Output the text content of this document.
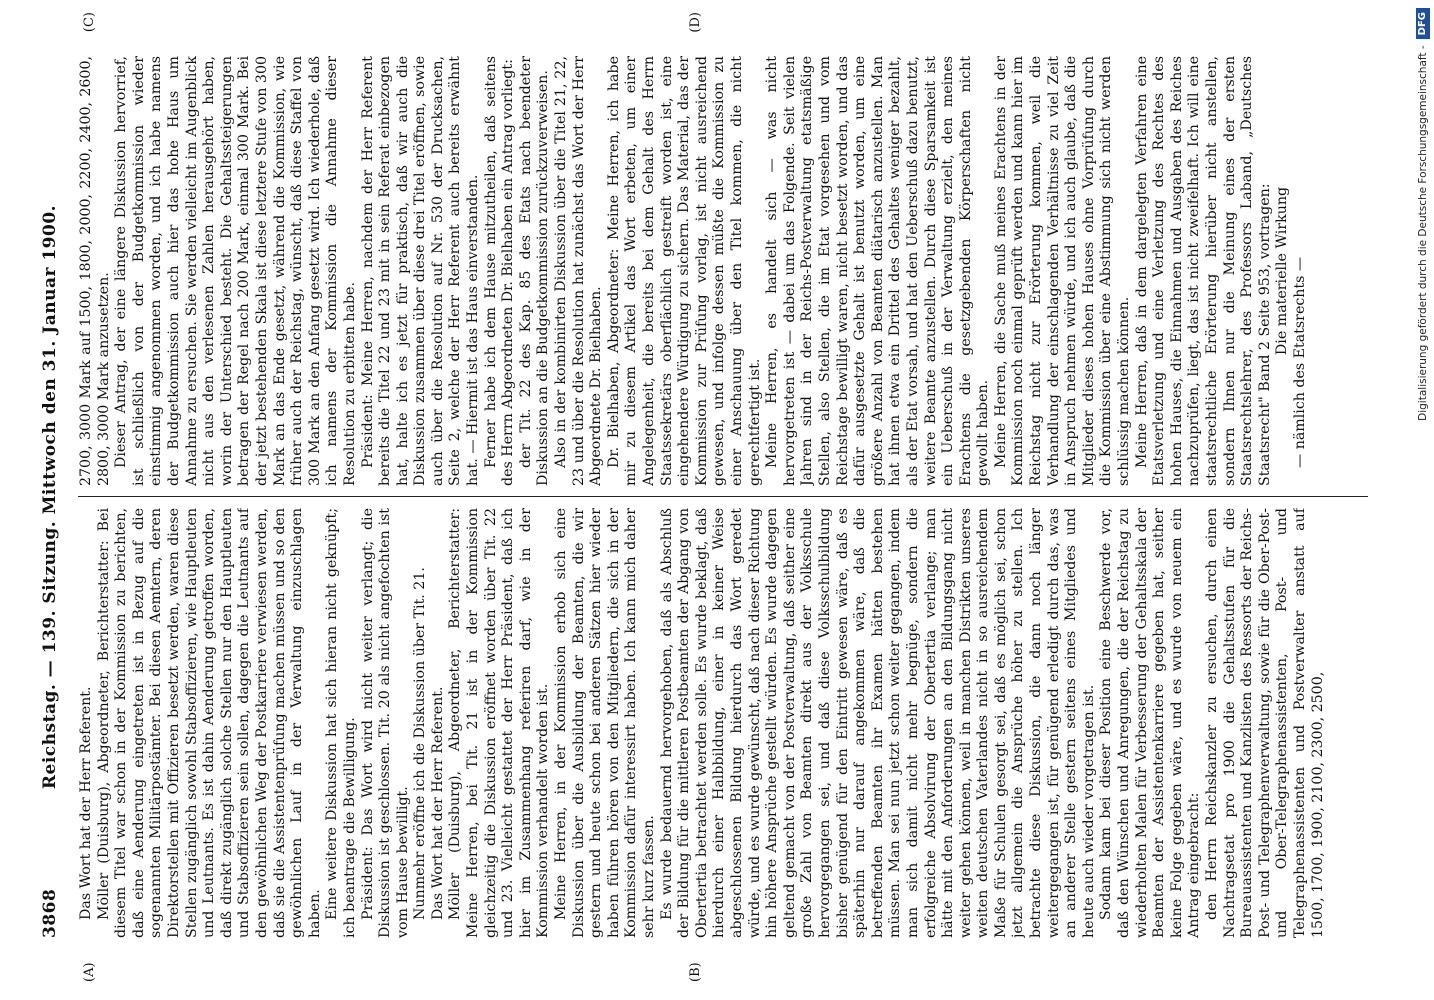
3868
Reichstag. — 139. Sitzung. Mittwoch den 31. Januar 1900.
(A)	(B)
(C)	(D)

Das Wort hat der Herr Referent. Möller (Duisburg), Abgeordneter, Berichterstatter: Bei diesem Titel war schon in der Kommission zu berichten, daß eine Aenderung eingetreten ist in Bezug auf die sogenannten Militärpostämter. Bei diesen Aemtern, deren Direktorstellen mit Offizieren besetzt werden, waren diese Stellen zugänglich sowohl Stabsoffizieren, wie Hauptleuten und Leutnants. Es ist dahin Aenderung getroffen worden, daß direkt zugänglich solche Stellen nur den Hauptleuten und Stabsoffizieren sein sollen, dagegen die Leutnants auf den gewöhnlichen Weg der Postkarriere verwiesen werden, daß sie die Assistentenprüfung machen müssen und so den gewöhnlichen Lauf in der Verwaltung einzuschlagen haben. Eine weitere Diskussion hat sich hieran nicht geknüpft; ich beantrage die Bewilligung. Präsident: Das Wort wird nicht weiter verlangt; die Diskussion ist geschlossen. Tit. 20 als nicht angefochten ist vom Hause bewilligt. Nunmehr eröffne ich die Diskussion über Tit. 21. Das Wort hat der Herr Referent. Möller (Duisburg), Abgeordneter, Berichterstatter: Meine Herren, bei Tit. 21 ist in der Kommission gleichzeitig die Diskussion eröffnet worden über Tit. 22 und 23. Vielleicht gestattet der Herr Präsident, daß ich hier im Zusammenhang referiren darf, wie in der Kommission verhandelt worden ist. Meine Herren, in der Kommission erhob sich eine Diskussion über die Ausbildung der Beamten, die wir gestern und heute schon bei anderen Sätzen hier wieder haben führen hören von den Mitgliedern, die sich in der Kommission dafür interessirt haben. Ich kann mich daher sehr kurz fassen. Es wurde bedauernd hervorgehoben, daß als Abschluß der Bildung für die mittleren Postbeamten der Abgang von Obertertia betrachtet werden solle. Es wurde beklagt, daß hierdurch einer Halbbildung, einer in keiner Weise abgeschlossenen Bildung hierdurch das Wort geredet würde, und es wurde gewünscht, daß nach dieser Richtung hin höhere Ansprüche gestellt würden. Es wurde dagegen geltend gemacht von der Postverwaltung, daß seither eine große Zahl von Beamten direkt aus der Volksschule hervorgegangen sei, und daß diese Volksschulbildung bisher genügend für den Eintritt gewesen wäre, daß es späterhin nur darauf angekommen wäre, daß die betreffenden Beamten ihr Examen hätten bestehen müssen. Man sei nun jetzt schon weiter gegangen, indem man sich damit nicht mehr begnüge, sondern die erfolgreiche Absolvirung der Obertertia verlange; man hätte mit den Anforderungen an den Bildungsgang nicht weiter gehen können, weil in manchen Distrikten unseres weiten deutschen Vaterlandes nicht in so ausreichendem Maße für Schulen gesorgt sei, daß es möglich sei, schon jetzt allgemein die Ansprüche höher zu stellen. Ich betrachte diese Diskussion, die dann noch länger weitergegangen ist, für genügend erledigt durch das, was an anderer Stelle gestern seitens eines Mitgliedes und heute auch wieder vorgetragen ist. Sodann kam bei dieser Position eine Beschwerde vor, daß den Wünschen und Anregungen, die der Reichstag zu wiederholten Malen für Verbesserung der Gehaltsskala der Beamten der Assistentenkarriere gegeben hat, seither keine Folge gegeben wäre, und es wurde von neuem ein Antrag eingebracht: den Herrn Reichskanzler zu ersuchen, durch einen Nachtragsetat pro 1900 die Gehaltsstufen für die Bureauassistenten und Kanzlisten des Ressorts der Reichs-Post- und Telegraphenverwaltung, sowie für die Ober-Post- und Ober-Telegraphenassistenten, Post- und Telegraphenassistenten und Postverwalter anstatt auf 1500, 1700, 1900, 2100, 2300, 2500,

2700, 3000 Mark auf 1500, 1800, 2000, 2200, 2400, 2600, 2800, 3000 Mark anzusetzen. Dieser Antrag, der eine längere Diskussion hervorrief, ist schließlich von der Budgetkommission wieder einstimmig angenommen worden, und ich habe namens der Budgetkommission auch hier das hohe Haus um Annahme zu ersuchen. Sie werden vielleicht im Augenblick nicht aus den verlesenen Zahlen herausgehört haben, worin der Unterschied besteht. Die Gehaltssteigerungen betragen der Regel nach 200 Mark, einmal 300 Mark. Bei der jetzt bestehenden Skala ist diese letztere Stufe von 300 Mark an das Ende gesetzt, während die Kommission, wie früher auch der Reichstag, wünscht, daß diese Staffel von 300 Mark an den Anfang gesetzt wird. Ich wiederhole, daß ich namens der Kommission die Annahme dieser Resolution zu erbitten habe. Präsident: Meine Herren, nachdem der Herr Referent bereits die Titel 22 und 23 mit in sein Referat einbezogen hat, halte ich es jetzt für praktisch, daß wir auch die Diskussion zusammen über diese drei Titel eröffnen, sowie auch über die Resolution auf Nr. 530 der Drucksachen, Seite 2, welche der Herr Referent auch bereits erwähnt hat. — Hiermit ist das Haus einverstanden. Ferner habe ich dem Hause mitzutheilen, daß seitens des Herrn Abgeordneten Dr. Bielhaben ein Antrag vorliegt: der Tit. 22 des Kap. 85 des Etats nach beendeter Diskussion an die Budgetkommission zurückzuverweisen. Also in der kombinirten Diskussion über die Titel 21, 22, 23 und über die Resolution hat zunächst das Wort der Herr Abgeordnete Dr. Bielhaben. Dr. Bielhaben, Abgeordneter: Meine Herren, ich habe mir zu diesem Artikel das Wort erbeten, um einer Angelegenheit, die bereits bei dem Gehalt des Herrn Staatssekretärs oberflächlich gestreift worden ist, eine eingehendere Würdigung zu sichern. Das Material, das der Kommission zur Prüfung vorlag, ist nicht ausreichend gewesen, und infolge dessen müßte die Kommission zu einer Anschauung über den Titel kommen, die nicht gerechtfertigt ist. Meine Herren, es handelt sich — was nicht hervorgetreten ist — dabei um das Folgende. Seit vielen Jahren sind in der Reichs-Postverwaltung etatsmäßige Stellen, also Stellen, die im Etat vorgesehen und vom Reichstage bewilligt waren, nicht besetzt worden, und das dafür ausgesetzte Gehalt ist benutzt worden, um eine größere Anzahl von Beamten diätarisch anzustellen. Man hat ihnen etwa ein Drittel des Gehaltes weniger bezahlt, als der Etat vorsah, und hat den Ueberschuß dazu benutzt, weitere Beamte anzustellen. Durch diese Sparsamkeit ist ein Ueberschuß in der Verwaltung erzielt, den meines Erachtens die gesetzgebenden Körperschaften nicht gewollt haben. Meine Herren, die Sache muß meines Erachtens in der Kommission noch einmal geprüft werden und kann hier im Reichstag nicht zur Erörterung kommen, weil die Verhandlung der einschlagenden Verhältnisse zu viel Zeit in Anspruch nehmen würde, und ich auch glaube, daß die Mitglieder dieses hohen Hauses ohne Vorprüfung durch die Kommission über eine Abstimmung sich nicht werden schlüssig machen können. Meine Herren, daß in dem dargelegten Verfahren eine Etatsverletzung und eine Verletzung des Rechtes des hohen Hauses, die Einnahmen und Ausgaben des Reiches nachzuprüfen, liegt, das ist nicht zweifelhaft. Ich will eine staatsrechtliche Erörterung hierüber nicht anstellen, sondern Ihnen nur die Meinung eines der ersten Staatsrechtslehrer, des Professors Laband, „Deutsches Staatsrecht" Band 2 Seite 953, vortragen: Die materielle Wirkung — nämlich des Etatsrechts —	Digitalisierung gefördert durch die Deutsche Forschungsgemeinschaft -
DFG
